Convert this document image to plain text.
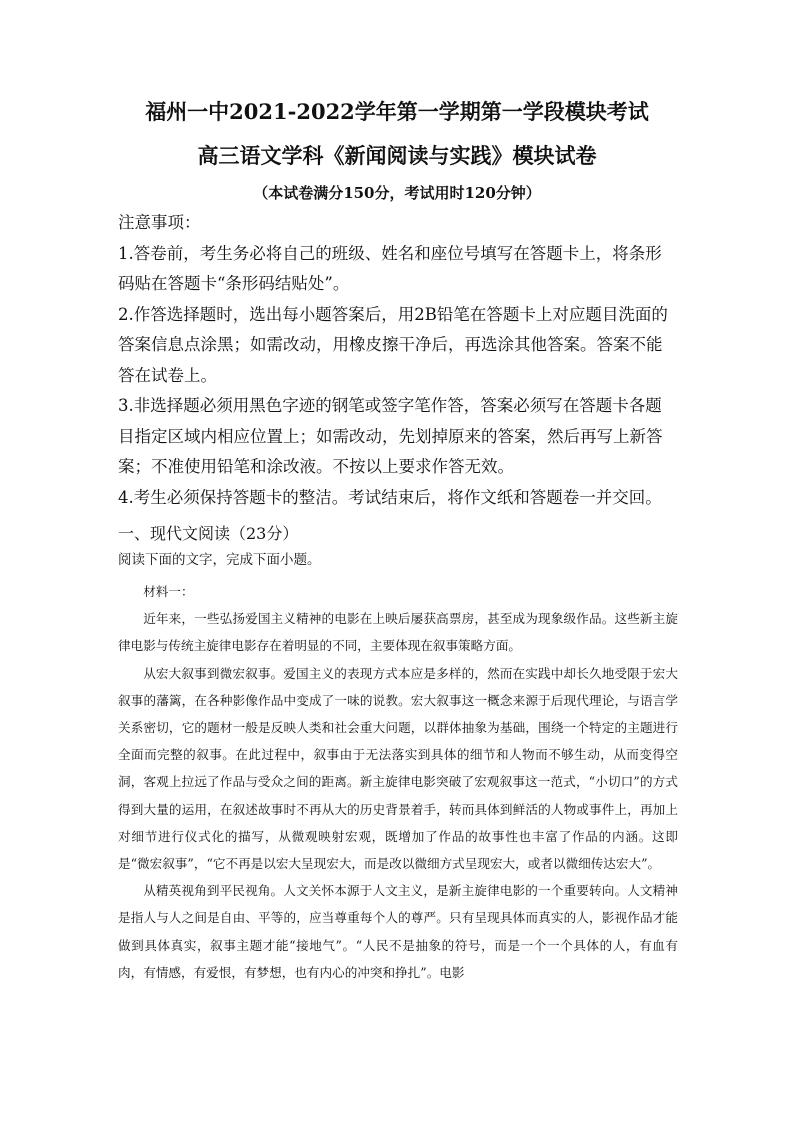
福州一中2021-2022学年第一学期第一学段模块考试
高三语文学科《新闻阅读与实践》模块试卷
（本试卷满分150分，考试用时120分钟）

注意事项：

1.答卷前，考生务必将自己的班级、姓名和座位号填写在答题卡上，将条形码贴在答题卡“条形码结贴处”。

2.作答选择题时，选出每小题答案后，用2B铅笔在答题卡上对应题目洗面的答案信息点涂黑；如需改动，用橡皮擦干净后，再选涂其他答案。答案不能答在试卷上。

3.非选择题必须用黑色字迹的钢笔或签字笔作答，答案必须写在答题卡各题目指定区域内相应位置上；如需改动，先划掉原来的答案，然后再写上新答案；不准使用铅笔和涂改液。不按以上要求作答无效。

4.考生必须保持答题卡的整洁。考试结束后，将作文纸和答题卷一并交回。

一、现代文阅读（23分）
阅读下面的文字，完成下面小题。

材料一：

近年来，一些弘扬爱国主义精神的电影在上映后屡获高票房，甚至成为现象级作品。这些新主旋律电影与传统主旋律电影存在着明显的不同，主要体现在叙事策略方面。

从宏大叙事到微宏叙事。爱国主义的表现方式本应是多样的，然而在实践中却长久地受限于宏大叙事的藩篱，在各种影像作品中变成了一味的说教。宏大叙事这一概念来源于后现代理论，与语言学关系密切，它的题材一般是反映人类和社会重大问题，以群体抽象为基础，围绕一个特定的主题进行全面而完整的叙事。在此过程中，叙事由于无法落实到具体的细节和人物而不够生动，从而变得空洞，客观上拉远了作品与受众之间的距离。新主旋律电影突破了宏观叙事这一范式，“小切口”的方式得到大量的运用，在叙述故事时不再从大的历史背景着手，转而具体到鲜活的人物或事件上，再加上对细节进行仪式化的描写，从微观映射宏观，既增加了作品的故事性也丰富了作品的内涵。这即是“微宏叙事”，“它不再是以宏大呈现宏大，而是改以微细方式呈现宏大，或者以微细传达宏大”。

从精英视角到平民视角。人文关怀本源于人文主义，是新主旋律电影的一个重要转向。人文精神是指人与人之间是自由、平等的，应当尊重每个人的尊严。只有呈现具体而真实的人，影视作品才能做到具体真实，叙事主题才能“接地气”。“人民不是抽象的符号，而是一个一个具体的人，有血有肉，有情感，有爱恨，有梦想，也有内心的冲突和挣扎”。电影
